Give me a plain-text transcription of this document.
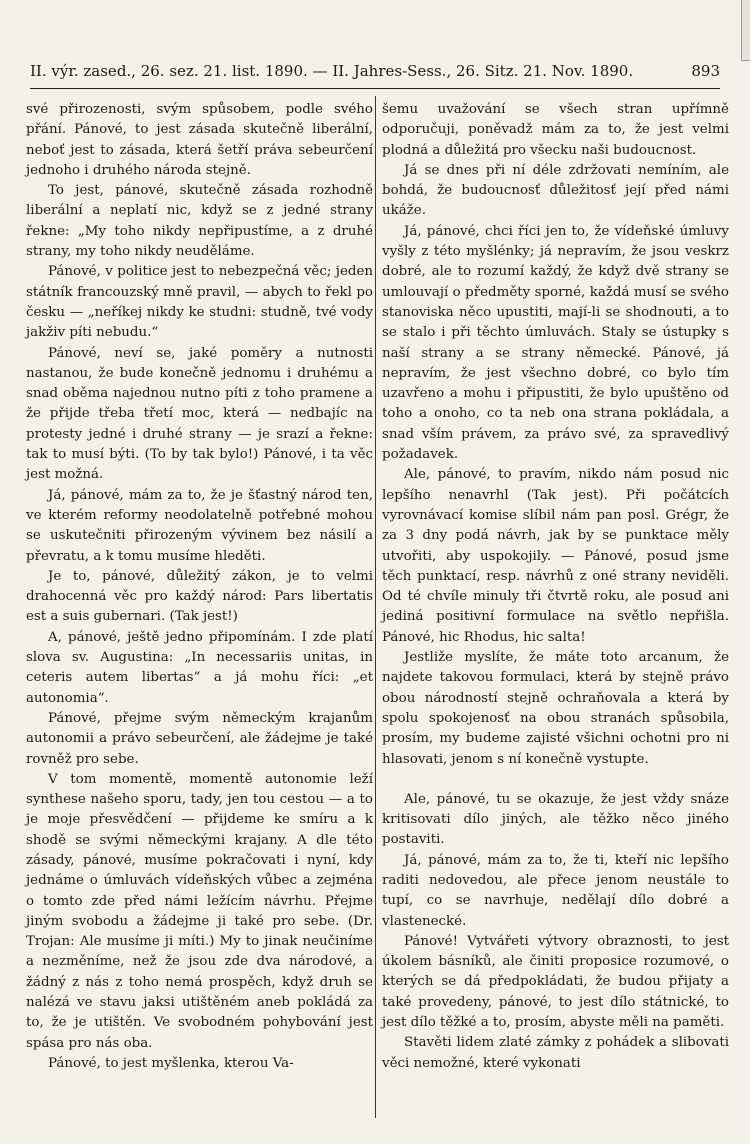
II. výr. zased., 26. sez. 21. list. 1890. — II. Jahres-Sess., 26. Sitz. 21. Nov. 1890.	893

své přirozenosti, svým spůsobem, podle svého přání. Pánové, to jest zásada skutečně liberální, neboť jest to zásada, která šetří práva sebeurčení jednoho i druhého národa stejně.

To jest, pánové, skutečně zásada rozhodně liberální a neplatí nic, když se z jedné strany řekne: „My toho nikdy nepřipustíme, a z druhé strany, my toho nikdy neuděláme.

Pánové, v politice jest to nebezpečná věc; jeden státník francouzský mně pravil, — abych to řekl po česku — „neříkej nikdy ke studni: studně, tvé vody jakživ píti nebudu.“

Pánové, neví se, jaké poměry a nutnosti nastanou, že bude konečně jednomu i druhému a snad oběma najednou nutno píti z toho pramene a že přijde třeba třetí moc, která — nedbajíc na protesty jedné i druhé strany — je srazí a řekne: tak to musí býti. (To by tak bylo!) Pánové, i ta věc jest možná.

Já, pánové, mám za to, že je šťastný národ ten, ve kterém reformy neodolatelně potřebné mohou se uskutečniti přirozeným vývinem bez násilí a převratu, a k tomu musíme hleděti.

Je to, pánové, důležitý zákon, je to velmi drahocenná věc pro každý národ: Pars libertatis est a suis gubernari. (Tak jest!)

A, pánové, ještě jedno připomínám. I zde platí slova sv. Augustina: „In necessariis unitas, in ceteris autem libertas“ a já mohu říci: „et autonomia“.

Pánové, přejme svým německým krajanům autonomii a právo sebeurčení, ale žádejme je také rovněž pro sebe.

V tom momentě, momentě autonomie leží synthese našeho sporu, tady, jen tou cestou — a to je moje přesvědčení — přijdeme ke smíru a k shodě se svými německými krajany. A dle této zásady, pánové, musíme pokračovati i nyní, kdy jednáme o úmluvách vídeňských vůbec a zejména o tomto zde před námi ležícím návrhu. Přejme jiným svobodu a žádejme ji také pro sebe. (Dr. Trojan: Ale musíme ji míti.) My to jinak neučiníme a nezměníme, než že jsou zde dva národové, a žádný z nás z toho nemá prospěch, když druh se nalézá ve stavu jaksi utištěném aneb pokládá za to, že je utištěn. Ve svobodném pohybování jest spása pro nás oba.

Pánové, to jest myšlenka, kterou Va-

šemu uvažování se všech stran upřímně odporučuji, poněvadž mám za to, že jest velmi plodná a důležitá pro všecku naši budoucnost.

Já se dnes při ní déle zdržovati nemíním, ale bohdá, že budoucnosť důležitosť její před námi ukáže.

Já, pánové, chci říci jen to, že vídeňské úmluvy vyšly z této myšlénky; já nepravím, že jsou veskrz dobré, ale to rozumí každý, že když dvě strany se umlouvají o předměty sporné, každá musí se svého stanoviska něco upustiti, mají-li se shodnouti, a to se stalo i při těchto úmluvách. Staly se ústupky s naší strany a se strany německé. Pánové, já nepravím, že jest všechno dobré, co bylo tím uzavřeno a mohu i připustiti, že bylo upuštěno od toho a onoho, co ta neb ona strana pokládala, a snad vším právem, za právo své, za spravedlivý požadavek.

Ale, pánové, to pravím, nikdo nám posud nic lepšího nenavrhl (Tak jest). Při počátcích vyrovnávací komise slíbil nám pan posl. Grégr, že za 3 dny podá návrh, jak by se punktace měly utvořiti, aby uspokojily. — Pánové, posud jsme těch punktací, resp. návrhů z oné strany neviděli. Od té chvíle minuly tři čtvrtě roku, ale posud ani jediná positivní formulace na světlo nepřišla. Pánové, hic Rhodus, hic salta!

Jestliže myslíte, že máte toto arcanum, že najdete takovou formulaci, která by stejně právo obou národností stejně ochraňovala a která by spolu spokojenosť na obou stranách spůsobila, prosím, my budeme zajisté všichni ochotni pro ni hlasovati, jenom s ní konečně vystupte.

Ale, pánové, tu se okazuje, že jest vždy snáze kritisovati dílo jiných, ale těžko něco jiného postaviti.

Já, pánové, mám za to, že ti, kteří nic lepšího raditi nedovedou, ale přece jenom neustále to tupí, co se navrhuje, nedělají dílo dobré a vlastenecké.

Pánové! Vytvářeti výtvory obraznosti, to jest úkolem básníků, ale činiti proposice rozumové, o kterých se dá předpokládati, že budou přijaty a také provedeny, pánové, to jest dílo státnické, to jest dílo těžké a to, prosím, abyste měli na paměti.

Stavěti lidem zlaté zámky z pohádek a slibovati věci nemožné, které vykonati
